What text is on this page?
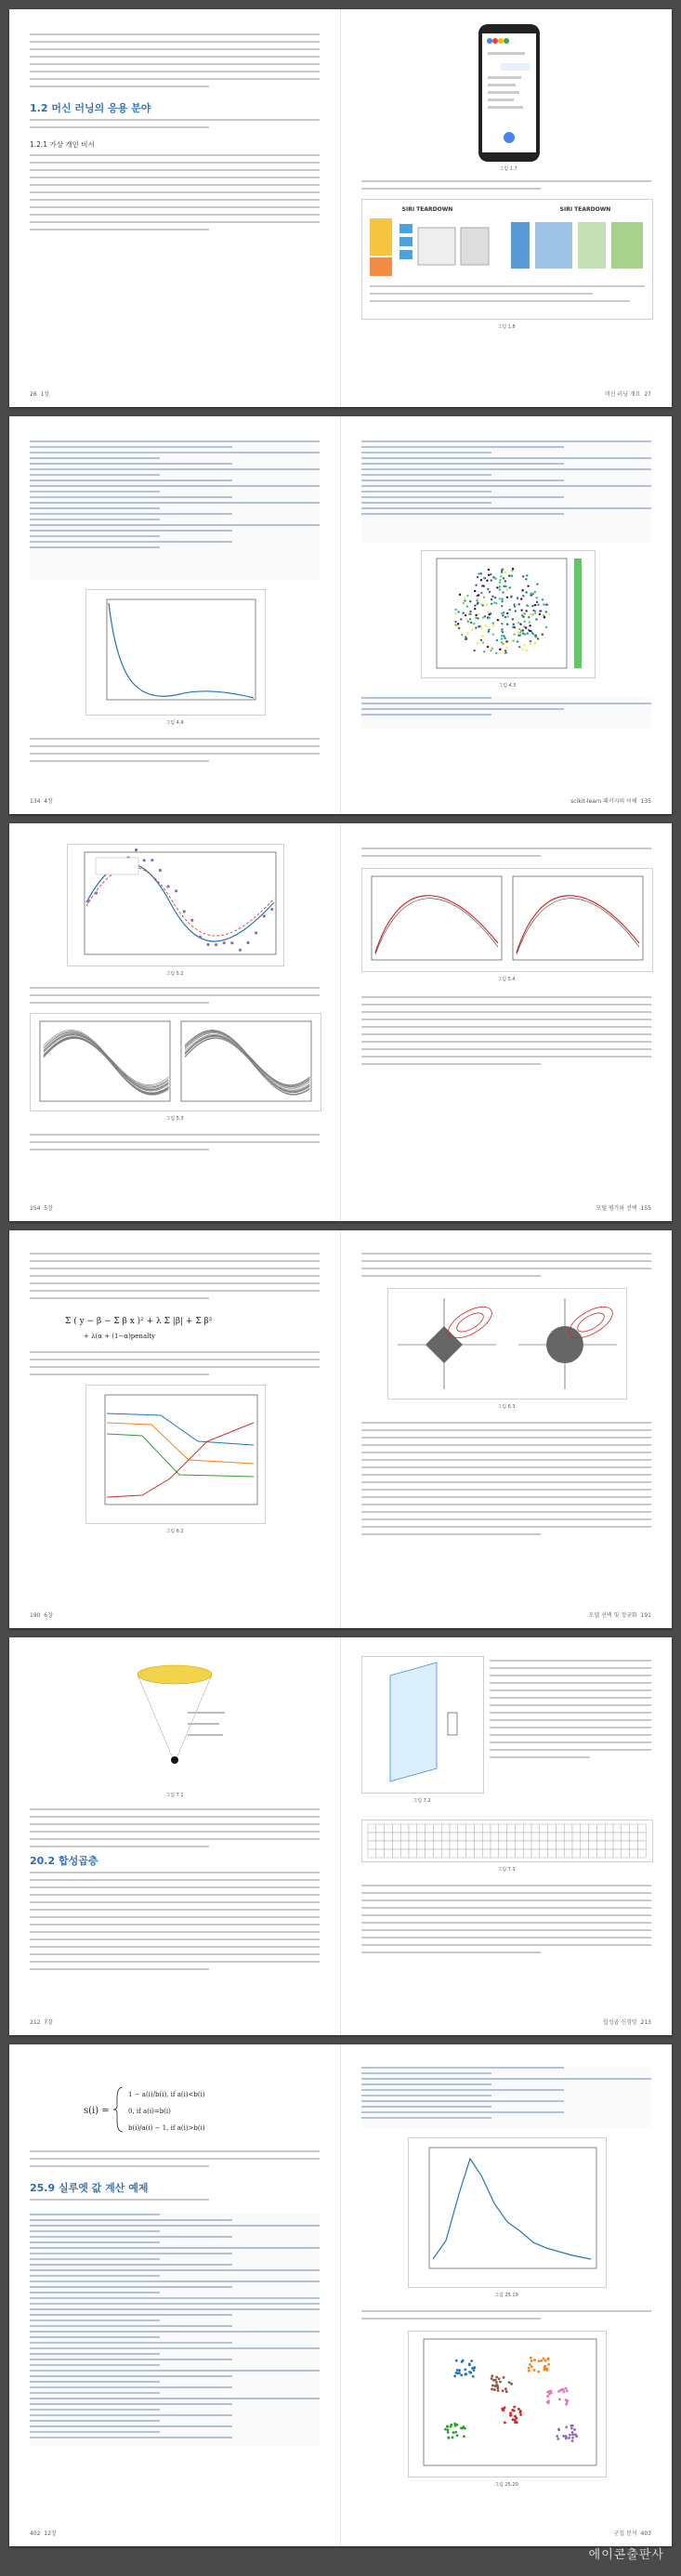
1.2 머신 러닝의 응용 분야
1.2.1 가상 개인 비서
26 1장
그림 1.7
SIRI TEARDOWN	SIRI TEARDOWN
그림 1.8
머신 러닝 개요 27
그림 4.4
134 4장
그림 4.5
scikit-learn 패키지의 이해 135
그림 5.2
그림 5.3
154 5장
그림 5.4
모델 평가와 선택 155
Σ ( y − β − Σ β x )² + λ Σ |β| + Σ β²
+ λ(α + (1−α)penalty
그림 6.2
190 6장
그림 6.3
모델 선택 및 정규화 191
그림 7.1
20.2 합성곱층
212 7장
그림 7.2
그림 7.3
합성곱 신경망 213
s(i) =
1 − a(i)/b(i), if a(i)<b(i)
0, if a(i)=b(i)
b(i)/a(i) − 1, if a(i)>b(i)
25.9 실루엣 값 계산 예제
402 12장
그림 25.19
그림 25.20
군집 분석 403
에이콘출판사
